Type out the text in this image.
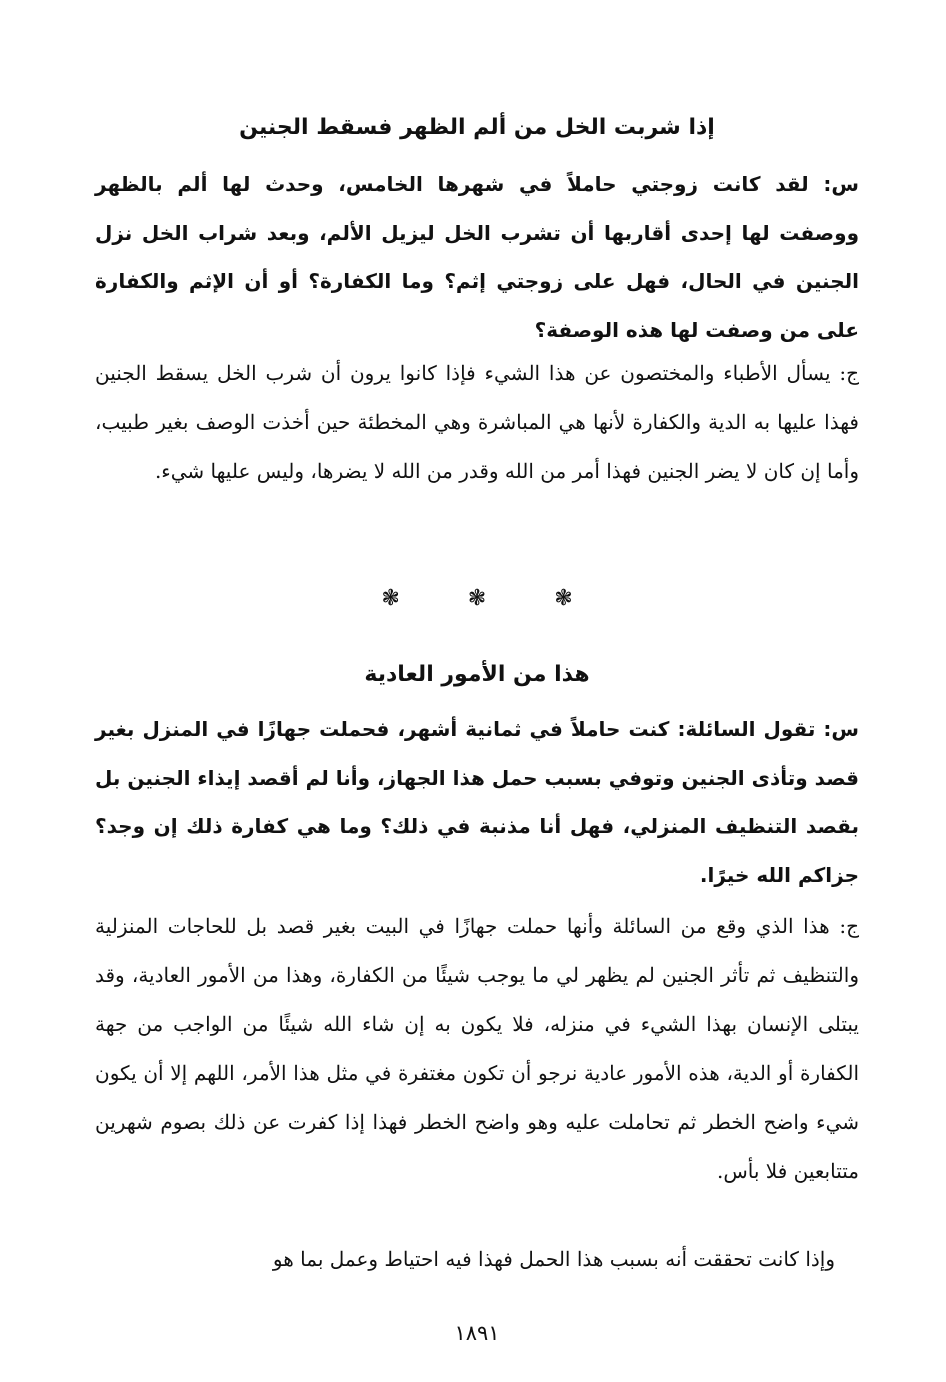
إذا شربت الخل من ألم الظهر فسقط الجنين
س: لقد كانت زوجتي حاملاً في شهرها الخامس، وحدث لها ألم بالظهر ووصفت لها إحدى أقاربها أن تشرب الخل ليزيل الألم، وبعد شراب الخل نزل الجنين في الحال، فهل على زوجتي إثم؟ وما الكفارة؟ أو أن الإثم والكفارة على من وصفت لها هذه الوصفة؟
ج: يسأل الأطباء والمختصون عن هذا الشيء فإذا كانوا يرون أن شرب الخل يسقط الجنين فهذا عليها به الدية والكفارة لأنها هي المباشرة وهي المخطئة حين أخذت الوصف بغير طبيب، وأما إن كان لا يضر الجنين فهذا أمر من الله وقدر من الله لا يضرها، وليس عليها شيء.
❃
❃
❃
هذا من الأمور العادية
س: تقول السائلة: كنت حاملاً في ثمانية أشهر، فحملت جهازًا في المنزل بغير قصد وتأذى الجنين وتوفي بسبب حمل هذا الجهاز، وأنا لم أقصد إيذاء الجنين بل بقصد التنظيف المنزلي، فهل أنا مذنبة في ذلك؟ وما هي كفارة ذلك إن وجد؟ جزاكم الله خيرًا.
ج: هذا الذي وقع من السائلة وأنها حملت جهازًا في البيت بغير قصد بل للحاجات المنزلية والتنظيف ثم تأثر الجنين لم يظهر لي ما يوجب شيئًا من الكفارة، وهذا من الأمور العادية، وقد يبتلى الإنسان بهذا الشيء في منزله، فلا يكون به إن شاء الله شيئًا من الواجب من جهة الكفارة أو الدية، هذه الأمور عادية نرجو أن تكون مغتفرة في مثل هذا الأمر، اللهم إلا أن يكون شيء واضح الخطر ثم تحاملت عليه وهو واضح الخطر فهذا إذا كفرت عن ذلك بصوم شهرين متتابعين فلا بأس.
وإذا كانت تحققت أنه بسبب هذا الحمل فهذا فيه احتياط وعمل بما هو
١٨٩١
